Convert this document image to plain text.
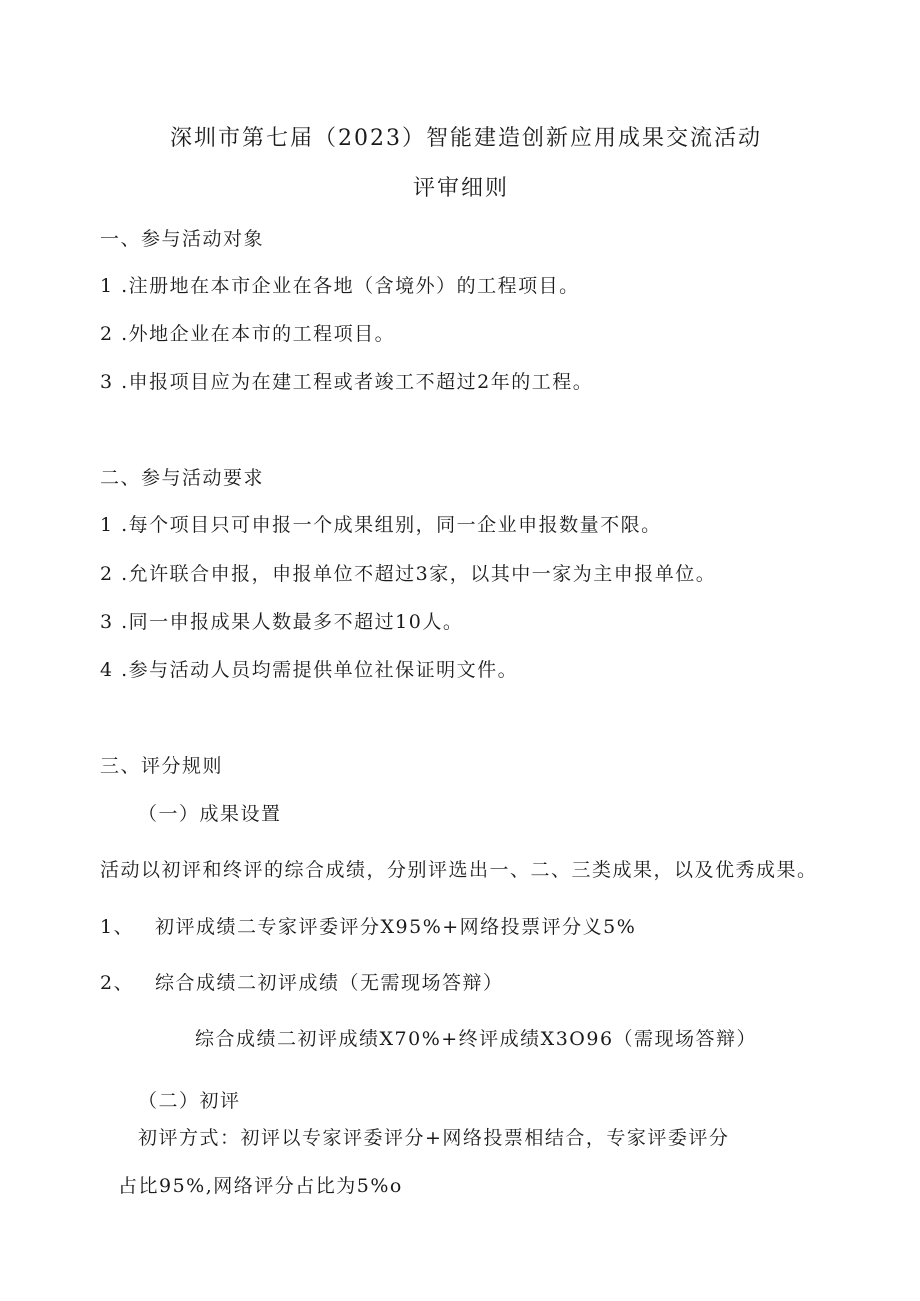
深圳市第七届（2023）智能建造创新应用成果交流活动
评审细则
一、参与活动对象
1 .注册地在本市企业在各地（含境外）的工程项目。
2 .外地企业在本市的工程项目。
3 .申报项目应为在建工程或者竣工不超过2年的工程。
二、参与活动要求
1 .每个项目只可申报一个成果组别，同一企业申报数量不限。
2 .允许联合申报，申报单位不超过3家，以其中一家为主申报单位。
3 .同一申报成果人数最多不超过10人。
4 .参与活动人员均需提供单位社保证明文件。
三、评分规则
（一）成果设置
活动以初评和终评的综合成绩，分别评选出一、二、三类成果，以及优秀成果。
1、 初评成绩二专家评委评分X95%+网络投票评分义5%
2、 综合成绩二初评成绩（无需现场答辩）
综合成绩二初评成绩X70%+终评成绩X3O96（需现场答辩）
（二）初评
初评方式：初评以专家评委评分+网络投票相结合，专家评委评分
占比95%,网络评分占比为5%o
